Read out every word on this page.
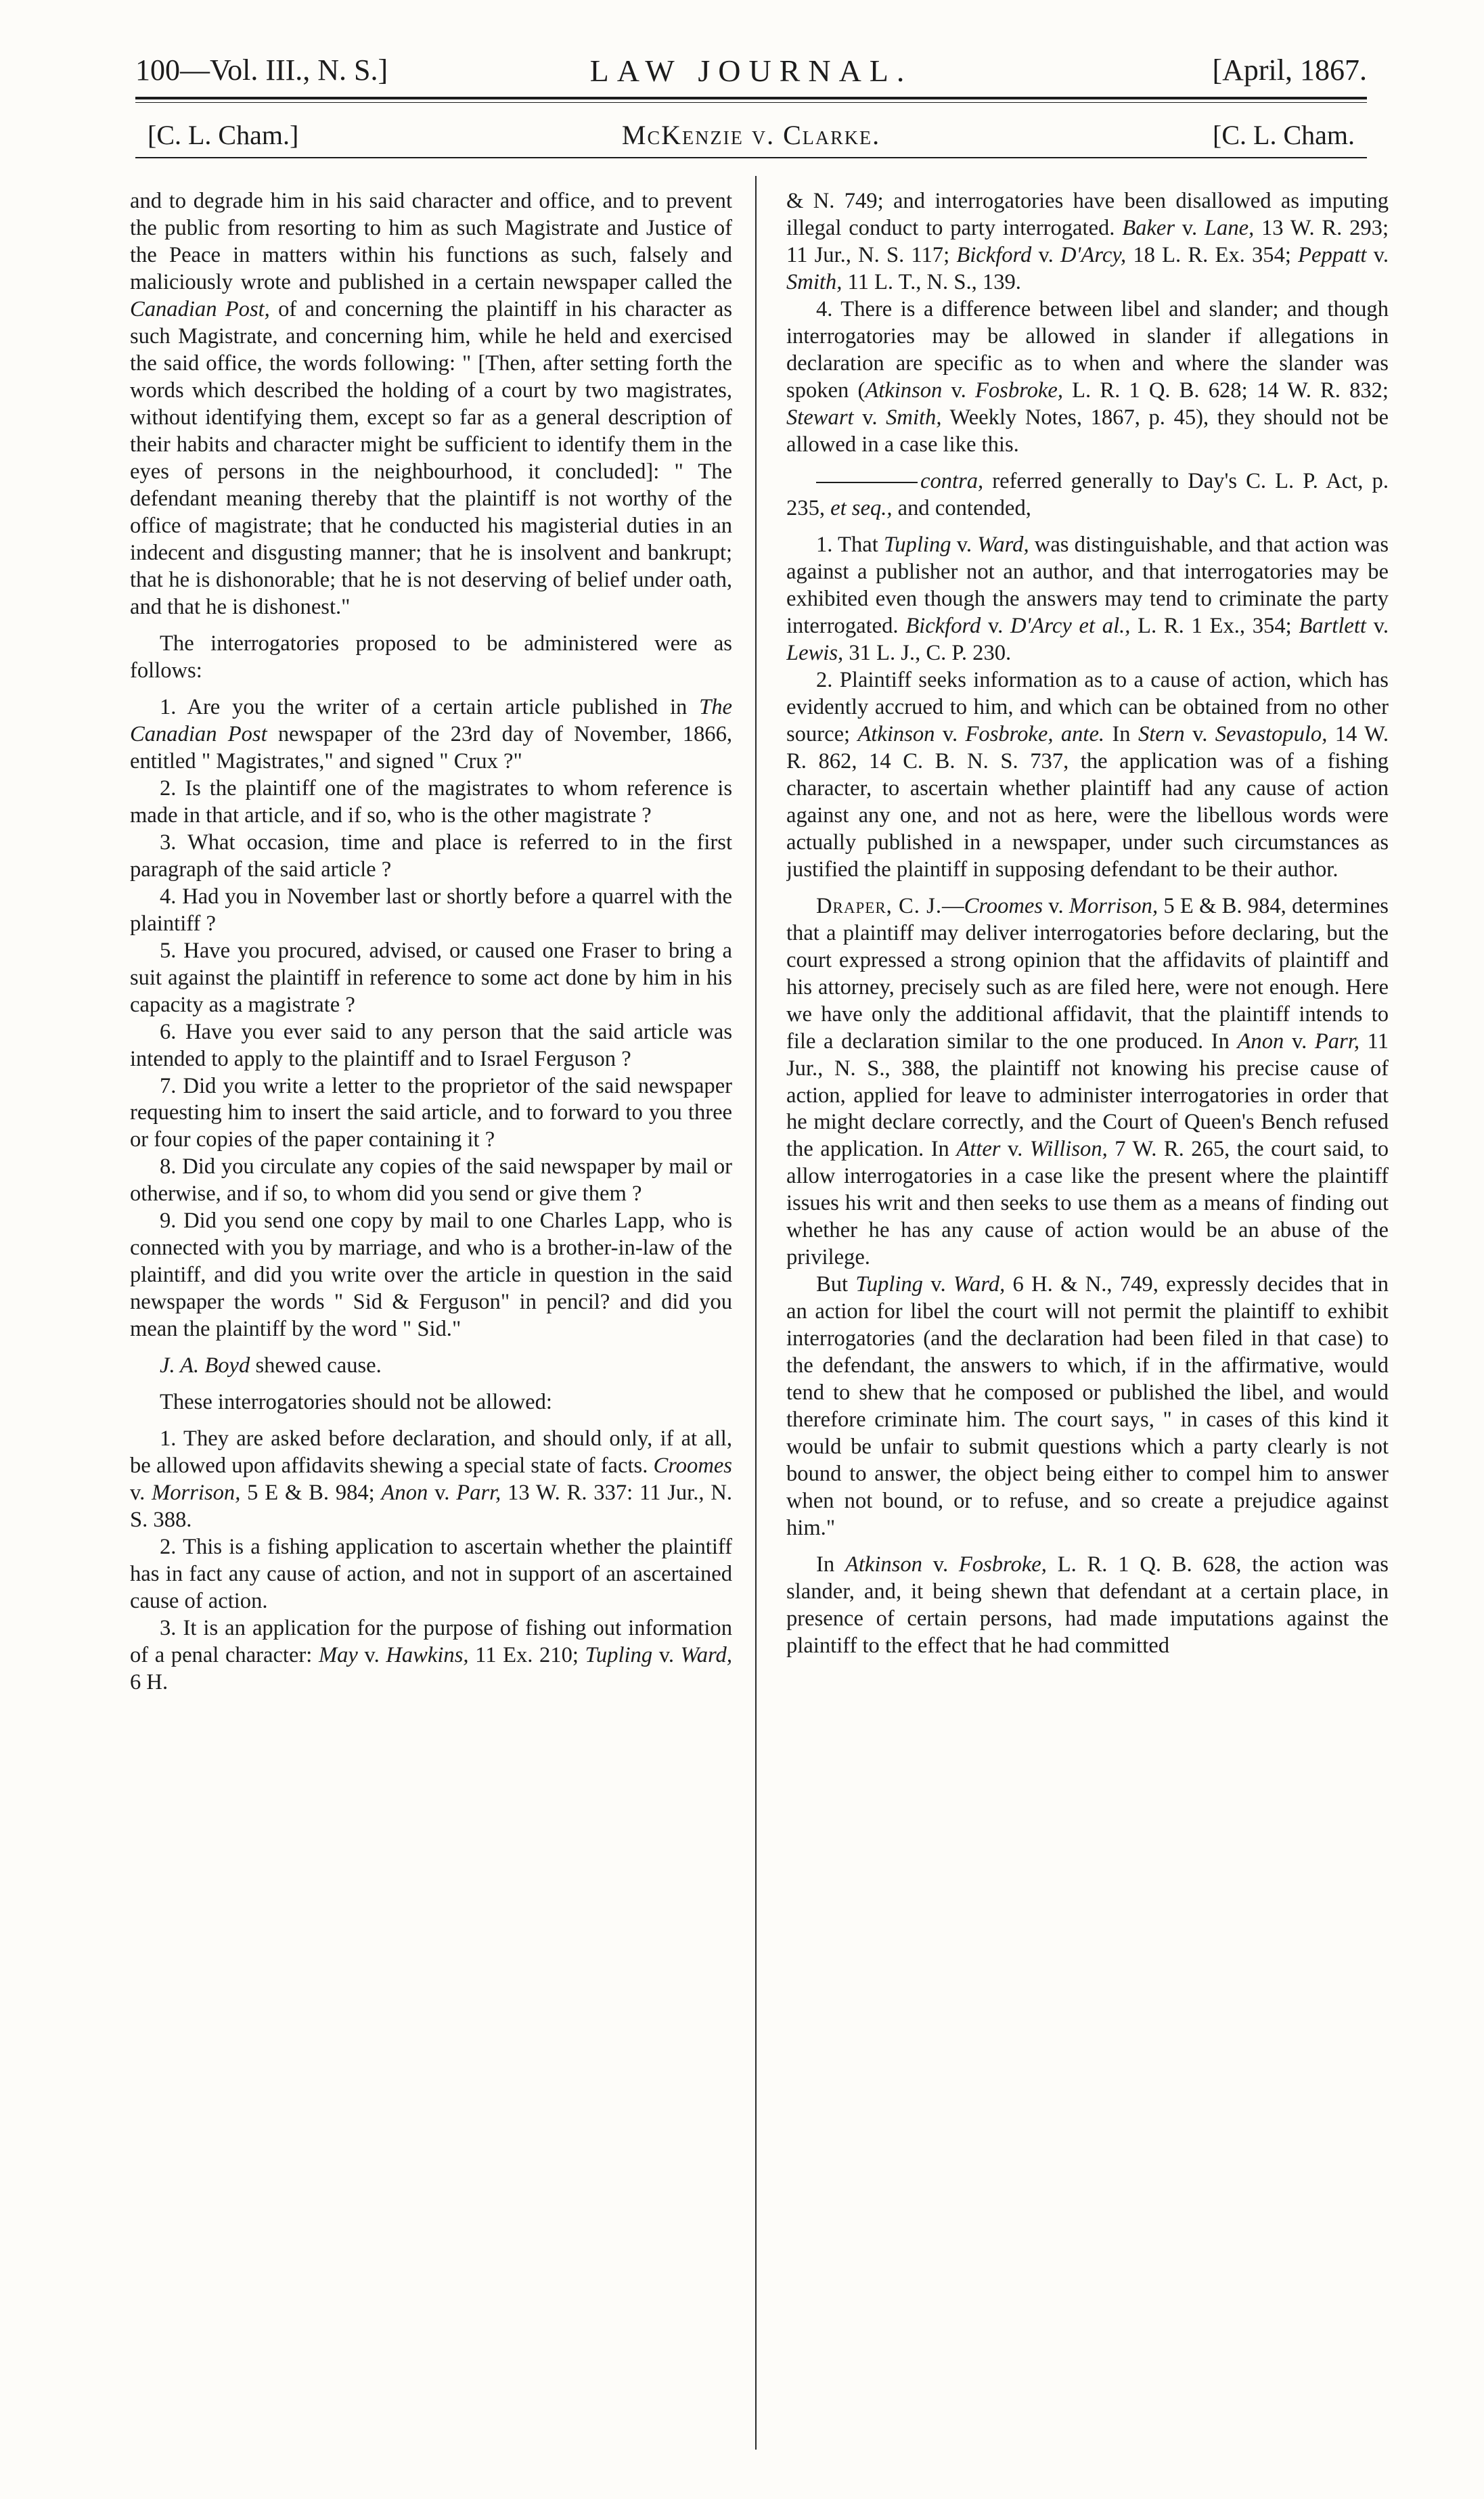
100—Vol. III., N. S.]	LAW JOURNAL.	[April, 1867.
[C. L. Cham.]	McKenzie v. Clarke.	[C. L. Cham.

and to degrade him in his said character and office, and to prevent the public from resorting to him as such Magistrate and Justice of the Peace in matters within his functions as such, falsely and maliciously wrote and published in a certain newspaper called the Canadian Post, of and concerning the plaintiff in his character as such Magistrate, and concerning him, while he held and exercised the said office, the words following: " [Then, after setting forth the words which described the holding of a court by two magistrates, without identifying them, except so far as a general description of their habits and character might be sufficient to identify them in the eyes of persons in the neighbourhood, it concluded]: " The defendant meaning thereby that the plaintiff is not worthy of the office of magistrate; that he conducted his magisterial duties in an indecent and disgusting manner; that he is insolvent and bankrupt; that he is dishonorable; that he is not deserving of belief under oath, and that he is dishonest."

The interrogatories proposed to be administered were as follows:

1. Are you the writer of a certain article published in The Canadian Post newspaper of the 23rd day of November, 1866, entitled " Magistrates," and signed " Crux ?"

2. Is the plaintiff one of the magistrates to whom reference is made in that article, and if so, who is the other magistrate ?

3. What occasion, time and place is referred to in the first paragraph of the said article ?

4. Had you in November last or shortly before a quarrel with the plaintiff ?

5. Have you procured, advised, or caused one Fraser to bring a suit against the plaintiff in reference to some act done by him in his capacity as a magistrate ?

6. Have you ever said to any person that the said article was intended to apply to the plaintiff and to Israel Ferguson ?

7. Did you write a letter to the proprietor of the said newspaper requesting him to insert the said article, and to forward to you three or four copies of the paper containing it ?

8. Did you circulate any copies of the said newspaper by mail or otherwise, and if so, to whom did you send or give them ?

9. Did you send one copy by mail to one Charles Lapp, who is connected with you by marriage, and who is a brother-in-law of the plaintiff, and did you write over the article in question in the said newspaper the words " Sid & Ferguson" in pencil? and did you mean the plaintiff by the word " Sid."

J. A. Boyd shewed cause.

These interrogatories should not be allowed:

1. They are asked before declaration, and should only, if at all, be allowed upon affidavits shewing a special state of facts. Croomes v. Morrison, 5 E & B. 984; Anon v. Parr, 13 W. R. 337: 11 Jur., N. S. 388.

2. This is a fishing application to ascertain whether the plaintiff has in fact any cause of action, and not in support of an ascertained cause of action.

3. It is an application for the purpose of fishing out information of a penal character: May v. Hawkins, 11 Ex. 210; Tupling v. Ward, 6 H.

& N. 749; and interrogatories have been disallowed as imputing illegal conduct to party interrogated. Baker v. Lane, 13 W. R. 293; 11 Jur., N. S. 117; Bickford v. D'Arcy, 18 L. R. Ex. 354; Peppatt v. Smith, 11 L. T., N. S., 139.

4. There is a difference between libel and slander; and though interrogatories may be allowed in slander if allegations in declaration are specific as to when and where the slander was spoken (Atkinson v. Fosbroke, L. R. 1 Q. B. 628; 14 W. R. 832; Stewart v. Smith, Weekly Notes, 1867, p. 45), they should not be allowed in a case like this.

contra, referred generally to Day's C. L. P. Act, p. 235, et seq., and contended,

1. That Tupling v. Ward, was distinguishable, and that action was against a publisher not an author, and that interrogatories may be exhibited even though the answers may tend to criminate the party interrogated. Bickford v. D'Arcy et al., L. R. 1 Ex., 354; Bartlett v. Lewis, 31 L. J., C. P. 230.

2. Plaintiff seeks information as to a cause of action, which has evidently accrued to him, and which can be obtained from no other source; Atkinson v. Fosbroke, ante. In Stern v. Sevastopulo, 14 W. R. 862, 14 C. B. N. S. 737, the application was of a fishing character, to ascertain whether plaintiff had any cause of action against any one, and not as here, were the libellous words were actually published in a newspaper, under such circumstances as justified the plaintiff in supposing defendant to be their author.

Draper, C. J.—Croomes v. Morrison, 5 E & B. 984, determines that a plaintiff may deliver interrogatories before declaring, but the court expressed a strong opinion that the affidavits of plaintiff and his attorney, precisely such as are filed here, were not enough. Here we have only the additional affidavit, that the plaintiff intends to file a declaration similar to the one produced. In Anon v. Parr, 11 Jur., N. S., 388, the plaintiff not knowing his precise cause of action, applied for leave to administer interrogatories in order that he might declare correctly, and the Court of Queen's Bench refused the application. In Atter v. Willison, 7 W. R. 265, the court said, to allow interrogatories in a case like the present where the plaintiff issues his writ and then seeks to use them as a means of finding out whether he has any cause of action would be an abuse of the privilege.

But Tupling v. Ward, 6 H. & N., 749, expressly decides that in an action for libel the court will not permit the plaintiff to exhibit interrogatories (and the declaration had been filed in that case) to the defendant, the answers to which, if in the affirmative, would tend to shew that he composed or published the libel, and would therefore criminate him. The court says, " in cases of this kind it would be unfair to submit questions which a party clearly is not bound to answer, the object being either to compel him to answer when not bound, or to refuse, and so create a prejudice against him."

In Atkinson v. Fosbroke, L. R. 1 Q. B. 628, the action was slander, and, it being shewn that defendant at a certain place, in presence of certain persons, had made imputations against the plaintiff to the effect that he had committed
